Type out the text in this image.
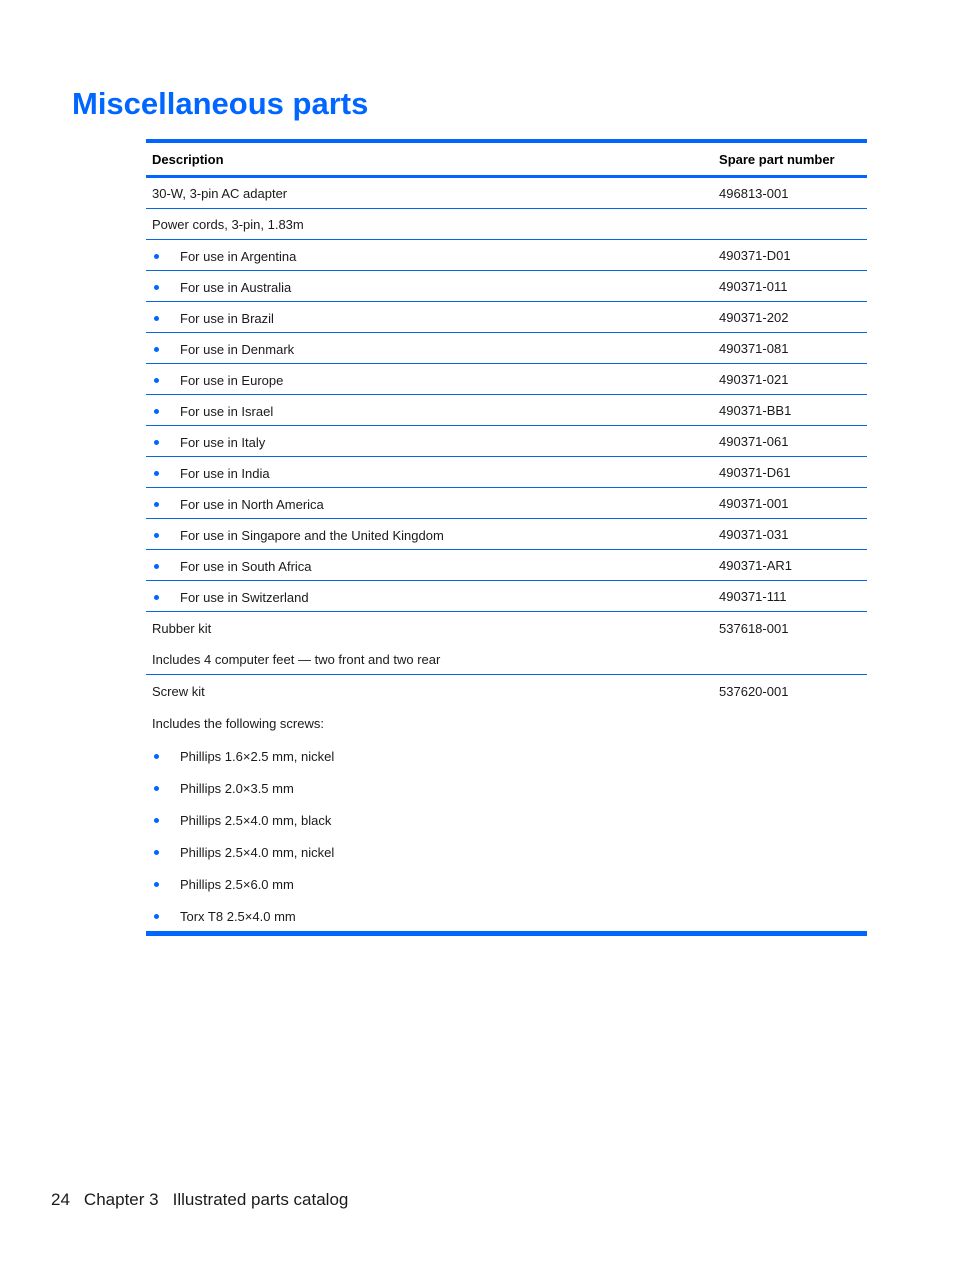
Miscellaneous parts
Description	Spare part number
30-W, 3-pin AC adapter	496813-001
Power cords, 3-pin, 1.83m	

For use in Argentina	490371-D01

For use in Australia	490371-011

For use in Brazil	490371-202

For use in Denmark	490371-081

For use in Europe	490371-021

For use in Israel	490371-BB1

For use in Italy	490371-061

For use in India	490371-D61

For use in North America	490371-001

For use in Singapore and the United Kingdom	490371-031

For use in South Africa	490371-AR1

For use in Switzerland	490371-111
Rubber kit	537618-001
Includes 4 computer feet — two front and two rear	
Screw kit	537620-001
Includes the following screws:	

Phillips 1.6×2.5 mm, nickel	

Phillips 2.0×3.5 mm	

Phillips 2.5×4.0 mm, black	

Phillips 2.5×4.0 mm, nickel	

Phillips 2.5×6.0 mm	

Torx T8 2.5×4.0 mm	

24 Chapter 3 Illustrated parts catalog
